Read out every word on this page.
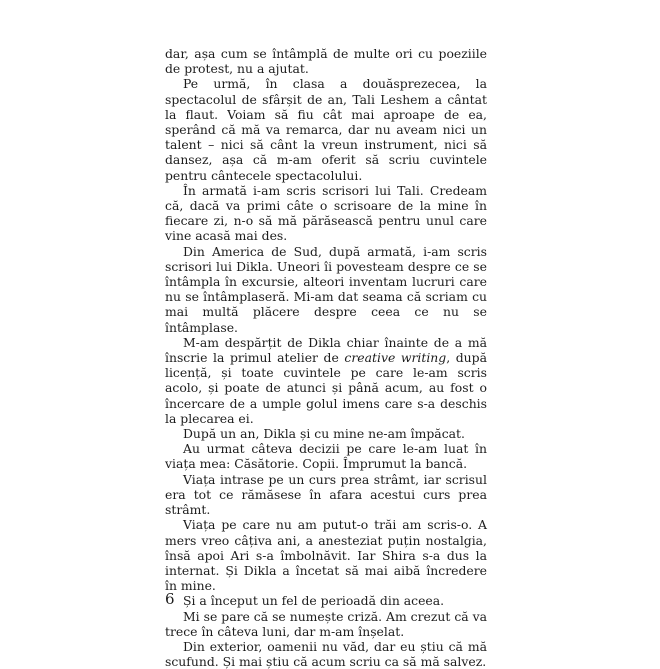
dar, așa cum se întâmplă de multe ori cu poeziile de protest, nu a ajutat.

Pe urmă, în clasa a douăsprezecea, la spectacolul de sfârșit de an, Tali Leshem a cântat la flaut. Voiam să fiu cât mai aproape de ea, sperând că mă va remarca, dar nu aveam nici un talent – nici să cânt la vreun instrument, nici să dansez, așa că m-am oferit să scriu cuvintele pentru cântecele spectacolului.

În armată i-am scris scrisori lui Tali. Credeam că, dacă va primi câte o scrisoare de la mine în fiecare zi, n-o să mă părăsească pentru unul care vine acasă mai des.

Din America de Sud, după armată, i-am scris scrisori lui Dikla. Uneori îi povesteam despre ce se întâmpla în excursie, alteori inventam lucruri care nu se întâmplaseră. Mi-am dat seama că scriam cu mai multă plăcere despre ceea ce nu se întâmplase.

M-am despărțit de Dikla chiar înainte de a mă înscrie la primul atelier de creative writing, după licență, și toate cuvintele pe care le-am scris acolo, și poate de atunci și până acum, au fost o încercare de a umple golul imens care s-a deschis la plecarea ei.

După un an, Dikla și cu mine ne-am împăcat.

Au urmat câteva decizii pe care le-am luat în viața mea: Căsătorie. Copii. Împrumut la bancă.

Viața intrase pe un curs prea strâmt, iar scrisul era tot ce rămăsese în afara acestui curs prea strâmt.

Viața pe care nu am putut-o trăi am scris-o. A mers vreo câțiva ani, a anesteziat puțin nostalgia, însă apoi Ari s-a îmbolnăvit. Iar Shira s-a dus la internat. Și Dikla a încetat să mai aibă încredere în mine.

Și a început un fel de perioadă din aceea.

Mi se pare că se numește criză. Am crezut că va trece în câteva luni, dar m-am înșelat.

Din exterior, oamenii nu văd, dar eu știu că mă scufund. Și mai știu că acum scriu ca să mă salvez.

6
